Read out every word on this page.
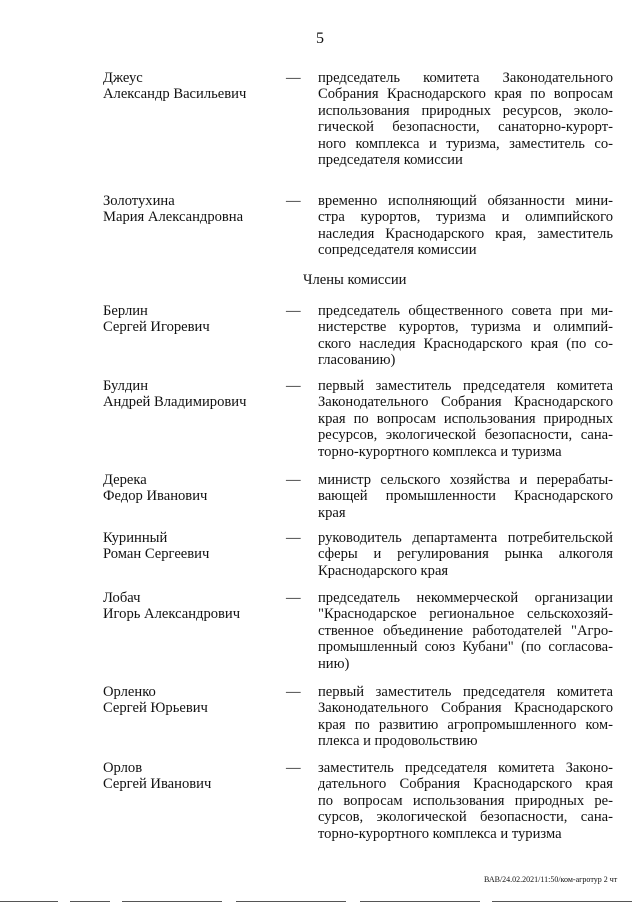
5
Джеус
Александр Васильевич
— председатель комитета Законодательного
Собрания Краснодарского края по вопросам
использования природных ресурсов, эколо-
гической безопасности, санаторно-курорт-
ного комплекса и туризма, заместитель со-
председателя комиссии
Золотухина
Мария Александровна
— временно исполняющий обязанности мини-
стра курортов, туризма и олимпийского
наследия Краснодарского края, заместитель
сопредседателя комиссии
Члены комиссии
Берлин
Сергей Игоревич
— председатель общественного совета при ми-
нистерстве курортов, туризма и олимпий-
ского наследия Краснодарского края (по со-
гласованию)
Булдин
Андрей Владимирович
— первый заместитель председателя комитета
Законодательного Собрания Краснодарского
края по вопросам использования природных
ресурсов, экологической безопасности, сана-
торно-курортного комплекса и туризма
Дерека
Федор Иванович
— министр сельского хозяйства и перерабаты-
вающей промышленности Краснодарского
края
Куринный
Роман Сергеевич
— руководитель департамента потребительской
сферы и регулирования рынка алкоголя
Краснодарского края
Лобач
Игорь Александрович
— председатель некоммерческой организации
"Краснодарское региональное сельскохозяй-
ственное объединение работодателей "Агро-
промышленный союз Кубани" (по согласова-
нию)
Орленко
Сергей Юрьевич
— первый заместитель председателя комитета
Законодательного Собрания Краснодарского
края по развитию агропромышленного ком-
плекса и продовольствию
Орлов
Сергей Иванович
— заместитель председателя комитета Законо-
дательного Собрания Краснодарского края
по вопросам использования природных ре-
сурсов, экологической безопасности, сана-
торно-курортного комплекса и туризма
ВАВ/24.02.2021/11:50/ком-агротур 2 чт
